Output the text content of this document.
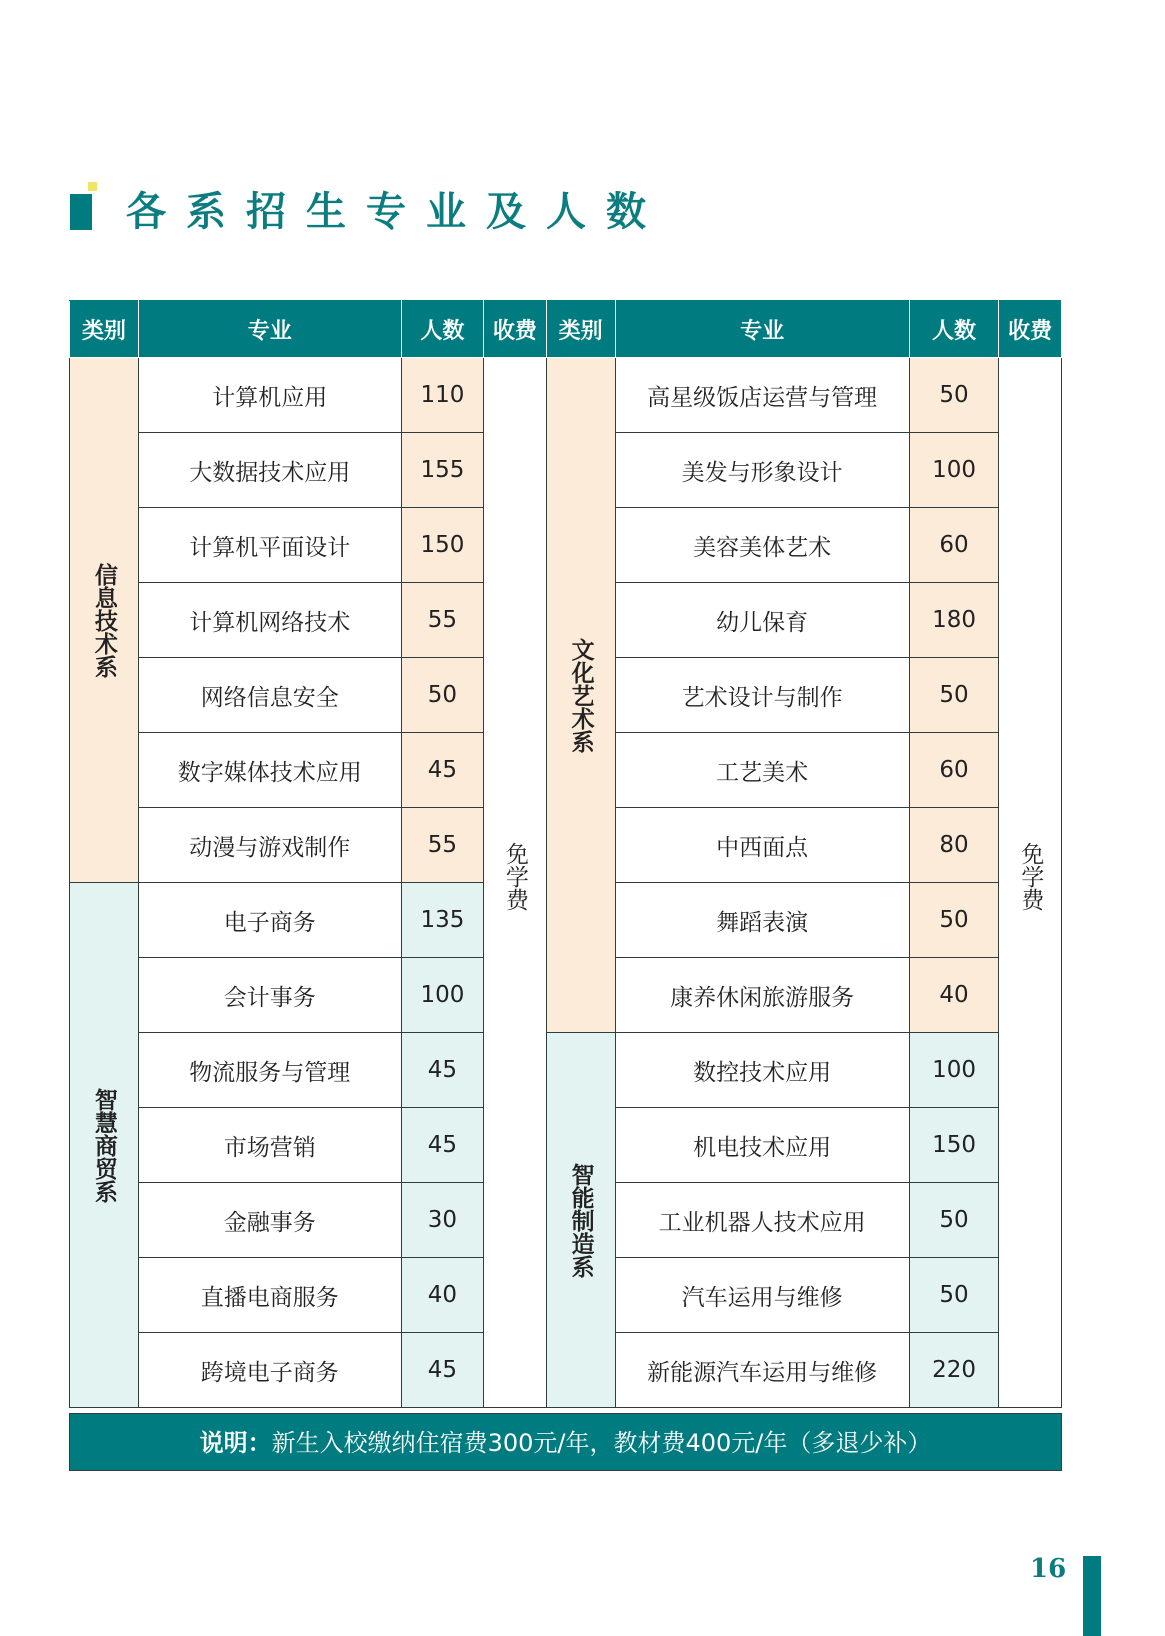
各系招生专业及人数
类别	专业	人数	收费	类别	专业	人数	收费
信息技术系	计算机应用	110	免学费	文化艺术系	高星级饭店运营与管理	50	免学费
	大数据技术应用	155			美发与形象设计	100	
	计算机平面设计	150			美容美体艺术	60	
	计算机网络技术	55			幼儿保育	180	
	网络信息安全	50			艺术设计与制作	50	
	数字媒体技术应用	45			工艺美术	60	
	动漫与游戏制作	55			中西面点	80	
智慧商贸系	电子商务	135			舞蹈表演	50	
	会计事务	100			康养休闲旅游服务	40	
	物流服务与管理	45		智能制造系	数控技术应用	100	
	市场营销	45			机电技术应用	150	
	金融事务	30			工业机器人技术应用	50	
	直播电商服务	40			汽车运用与维修	50	
	跨境电子商务	45			新能源汽车运用与维修	220	
说明：新生入校缴纳住宿费300元/年，教材费400元/年（多退少补）
16
